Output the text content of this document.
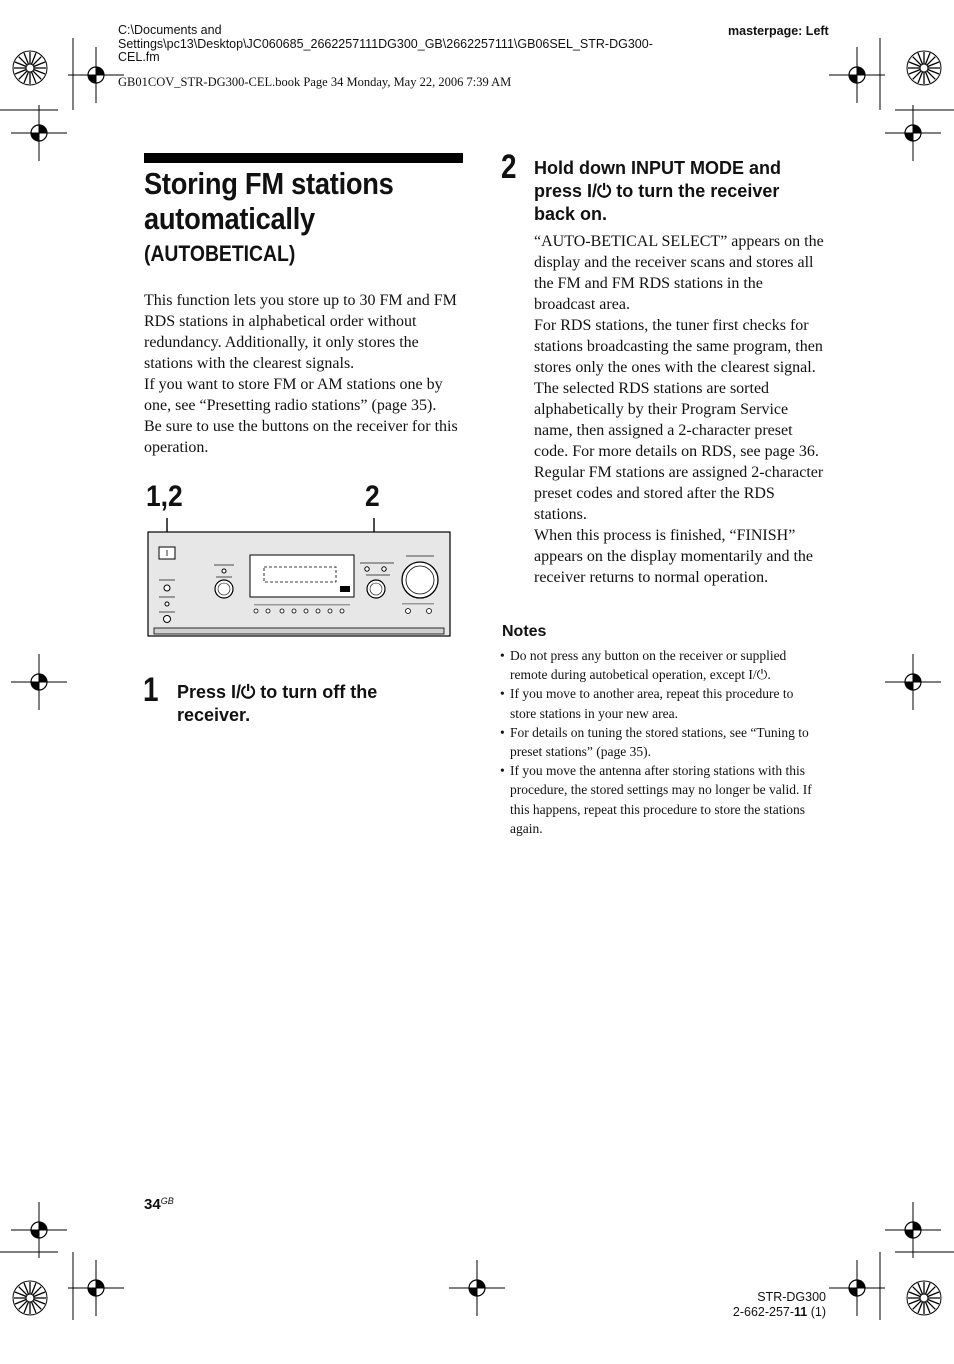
C:\Documents and
Settings\pc13\Desktop\JC060685_2662257111DG300_GB\2662257111\GB06SEL_STR-DG300-
CEL.fm
masterpage: Left
GB01COV_STR-DG300-CEL.book Page 34 Monday, May 22, 2006 7:39 AM
Storing FM stations
automatically
(AUTOBETICAL)

This function lets you store up to 30 FM and FM RDS stations in alphabetical order without redundancy. Additionally, it only stores the stations with the clearest signals.

If you want to store FM or AM stations one by one, see “Presetting radio stations” (page 35).

Be sure to use the buttons on the receiver for this operation.

1,2	2
1 Press I/⏻ to turn off the receiver.
2 Hold down INPUT MODE and press I/⏻ to turn the receiver back on.

“AUTO-BETICAL SELECT” appears on the display and the receiver scans and stores all the FM and FM RDS stations in the broadcast area.

For RDS stations, the tuner first checks for stations broadcasting the same program, then stores only the ones with the clearest signal. The selected RDS stations are sorted alphabetically by their Program Service name, then assigned a 2-character preset code. For more details on RDS, see page 36.

Regular FM stations are assigned 2-character preset codes and stored after the RDS stations.

When this process is finished, “FINISH” appears on the display momentarily and the receiver returns to normal operation.

Notes
• Do not press any button on the receiver or supplied remote during autobetical operation, except I/⏻.
• If you move to another area, repeat this procedure to store stations in your new area.
• For details on tuning the stored stations, see “Tuning to preset stations” (page 35).
• If you move the antenna after storing stations with this procedure, the stored settings may no longer be valid. If this happens, repeat this procedure to store the stations again.
$34^{GB}$
STR-DG300
2-662-257-11 (1)
